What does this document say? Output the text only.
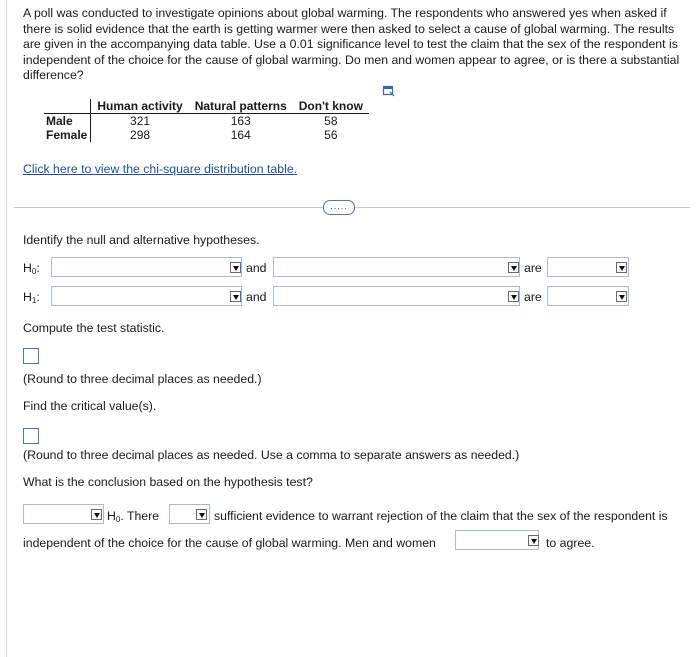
A poll was conducted to investigate opinions about global warming. The respondents who answered yes when asked if there is solid evidence that the earth is getting warmer were then asked to select a cause of global warming. The results are given in the accompanying data table. Use a 0.01 significance level to test the claim that the sex of the respondent is independent of the choice for the cause of global warming. Do men and women appear to agree, or is there a substantial difference?
	Human activity	Natural patterns	Don't know
Male	321	163	58
Female	298	164	56
Click here to view the chi-square distribution table.
.....
Identify the null and alternative hypotheses.
$H_0$:	and	are
$H_1$:	and	are
Compute the test statistic.
(Round to three decimal places as needed.)
Find the critical value(s).
(Round to three decimal places as needed. Use a comma to separate answers as needed.)
What is the conclusion based on the hypothesis test?
$H_0$. There	sufficient evidence to warrant rejection of the claim that the sex of the respondent is
independent of the choice for the cause of global warming. Men and women	to agree.
